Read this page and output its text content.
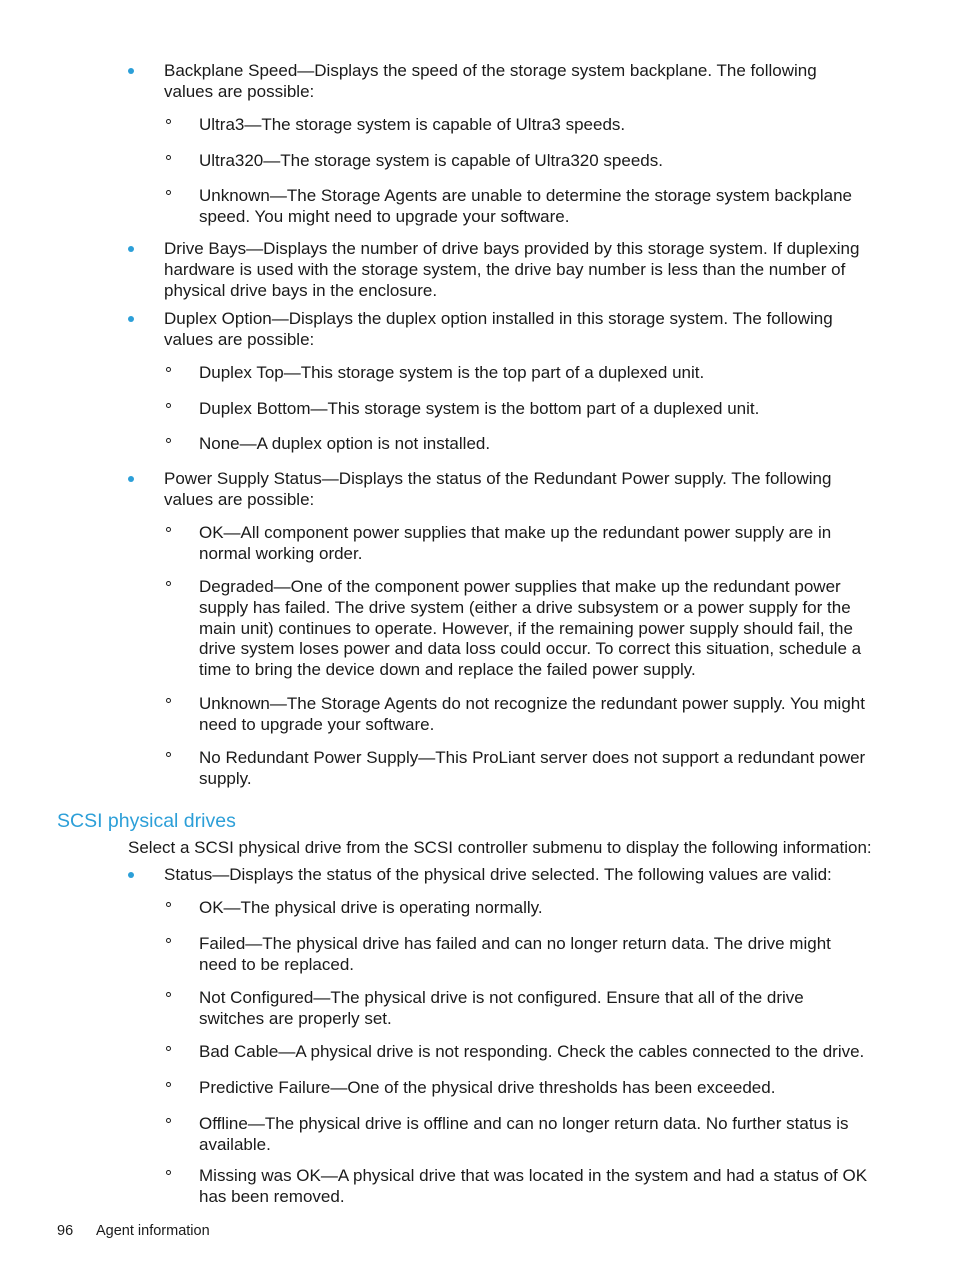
Backplane Speed—Displays the speed of the storage system backplane. The following values are possible:
Ultra3—The storage system is capable of Ultra3 speeds.
Ultra320—The storage system is capable of Ultra320 speeds.
Unknown—The Storage Agents are unable to determine the storage system backplane speed. You might need to upgrade your software.
Drive Bays—Displays the number of drive bays provided by this storage system. If duplexing hardware is used with the storage system, the drive bay number is less than the number of physical drive bays in the enclosure.
Duplex Option—Displays the duplex option installed in this storage system. The following values are possible:
Duplex Top—This storage system is the top part of a duplexed unit.
Duplex Bottom—This storage system is the bottom part of a duplexed unit.
None—A duplex option is not installed.
Power Supply Status—Displays the status of the Redundant Power supply. The following values are possible:
OK—All component power supplies that make up the redundant power supply are in normal working order.
Degraded—One of the component power supplies that make up the redundant power supply has failed. The drive system (either a drive subsystem or a power supply for the main unit) continues to operate. However, if the remaining power supply should fail, the drive system loses power and data loss could occur. To correct this situation, schedule a time to bring the device down and replace the failed power supply.
Unknown—The Storage Agents do not recognize the redundant power supply. You might need to upgrade your software.
No Redundant Power Supply—This ProLiant server does not support a redundant power supply.
SCSI physical drives
Select a SCSI physical drive from the SCSI controller submenu to display the following information:
Status—Displays the status of the physical drive selected. The following values are valid:
OK—The physical drive is operating normally.
Failed—The physical drive has failed and can no longer return data. The drive might need to be replaced.
Not Configured—The physical drive is not configured. Ensure that all of the drive switches are properly set.
Bad Cable—A physical drive is not responding. Check the cables connected to the drive.
Predictive Failure—One of the physical drive thresholds has been exceeded.
Offline—The physical drive is offline and can no longer return data. No further status is available.
Missing was OK—A physical drive that was located in the system and had a status of OK has been removed.
96 Agent information
